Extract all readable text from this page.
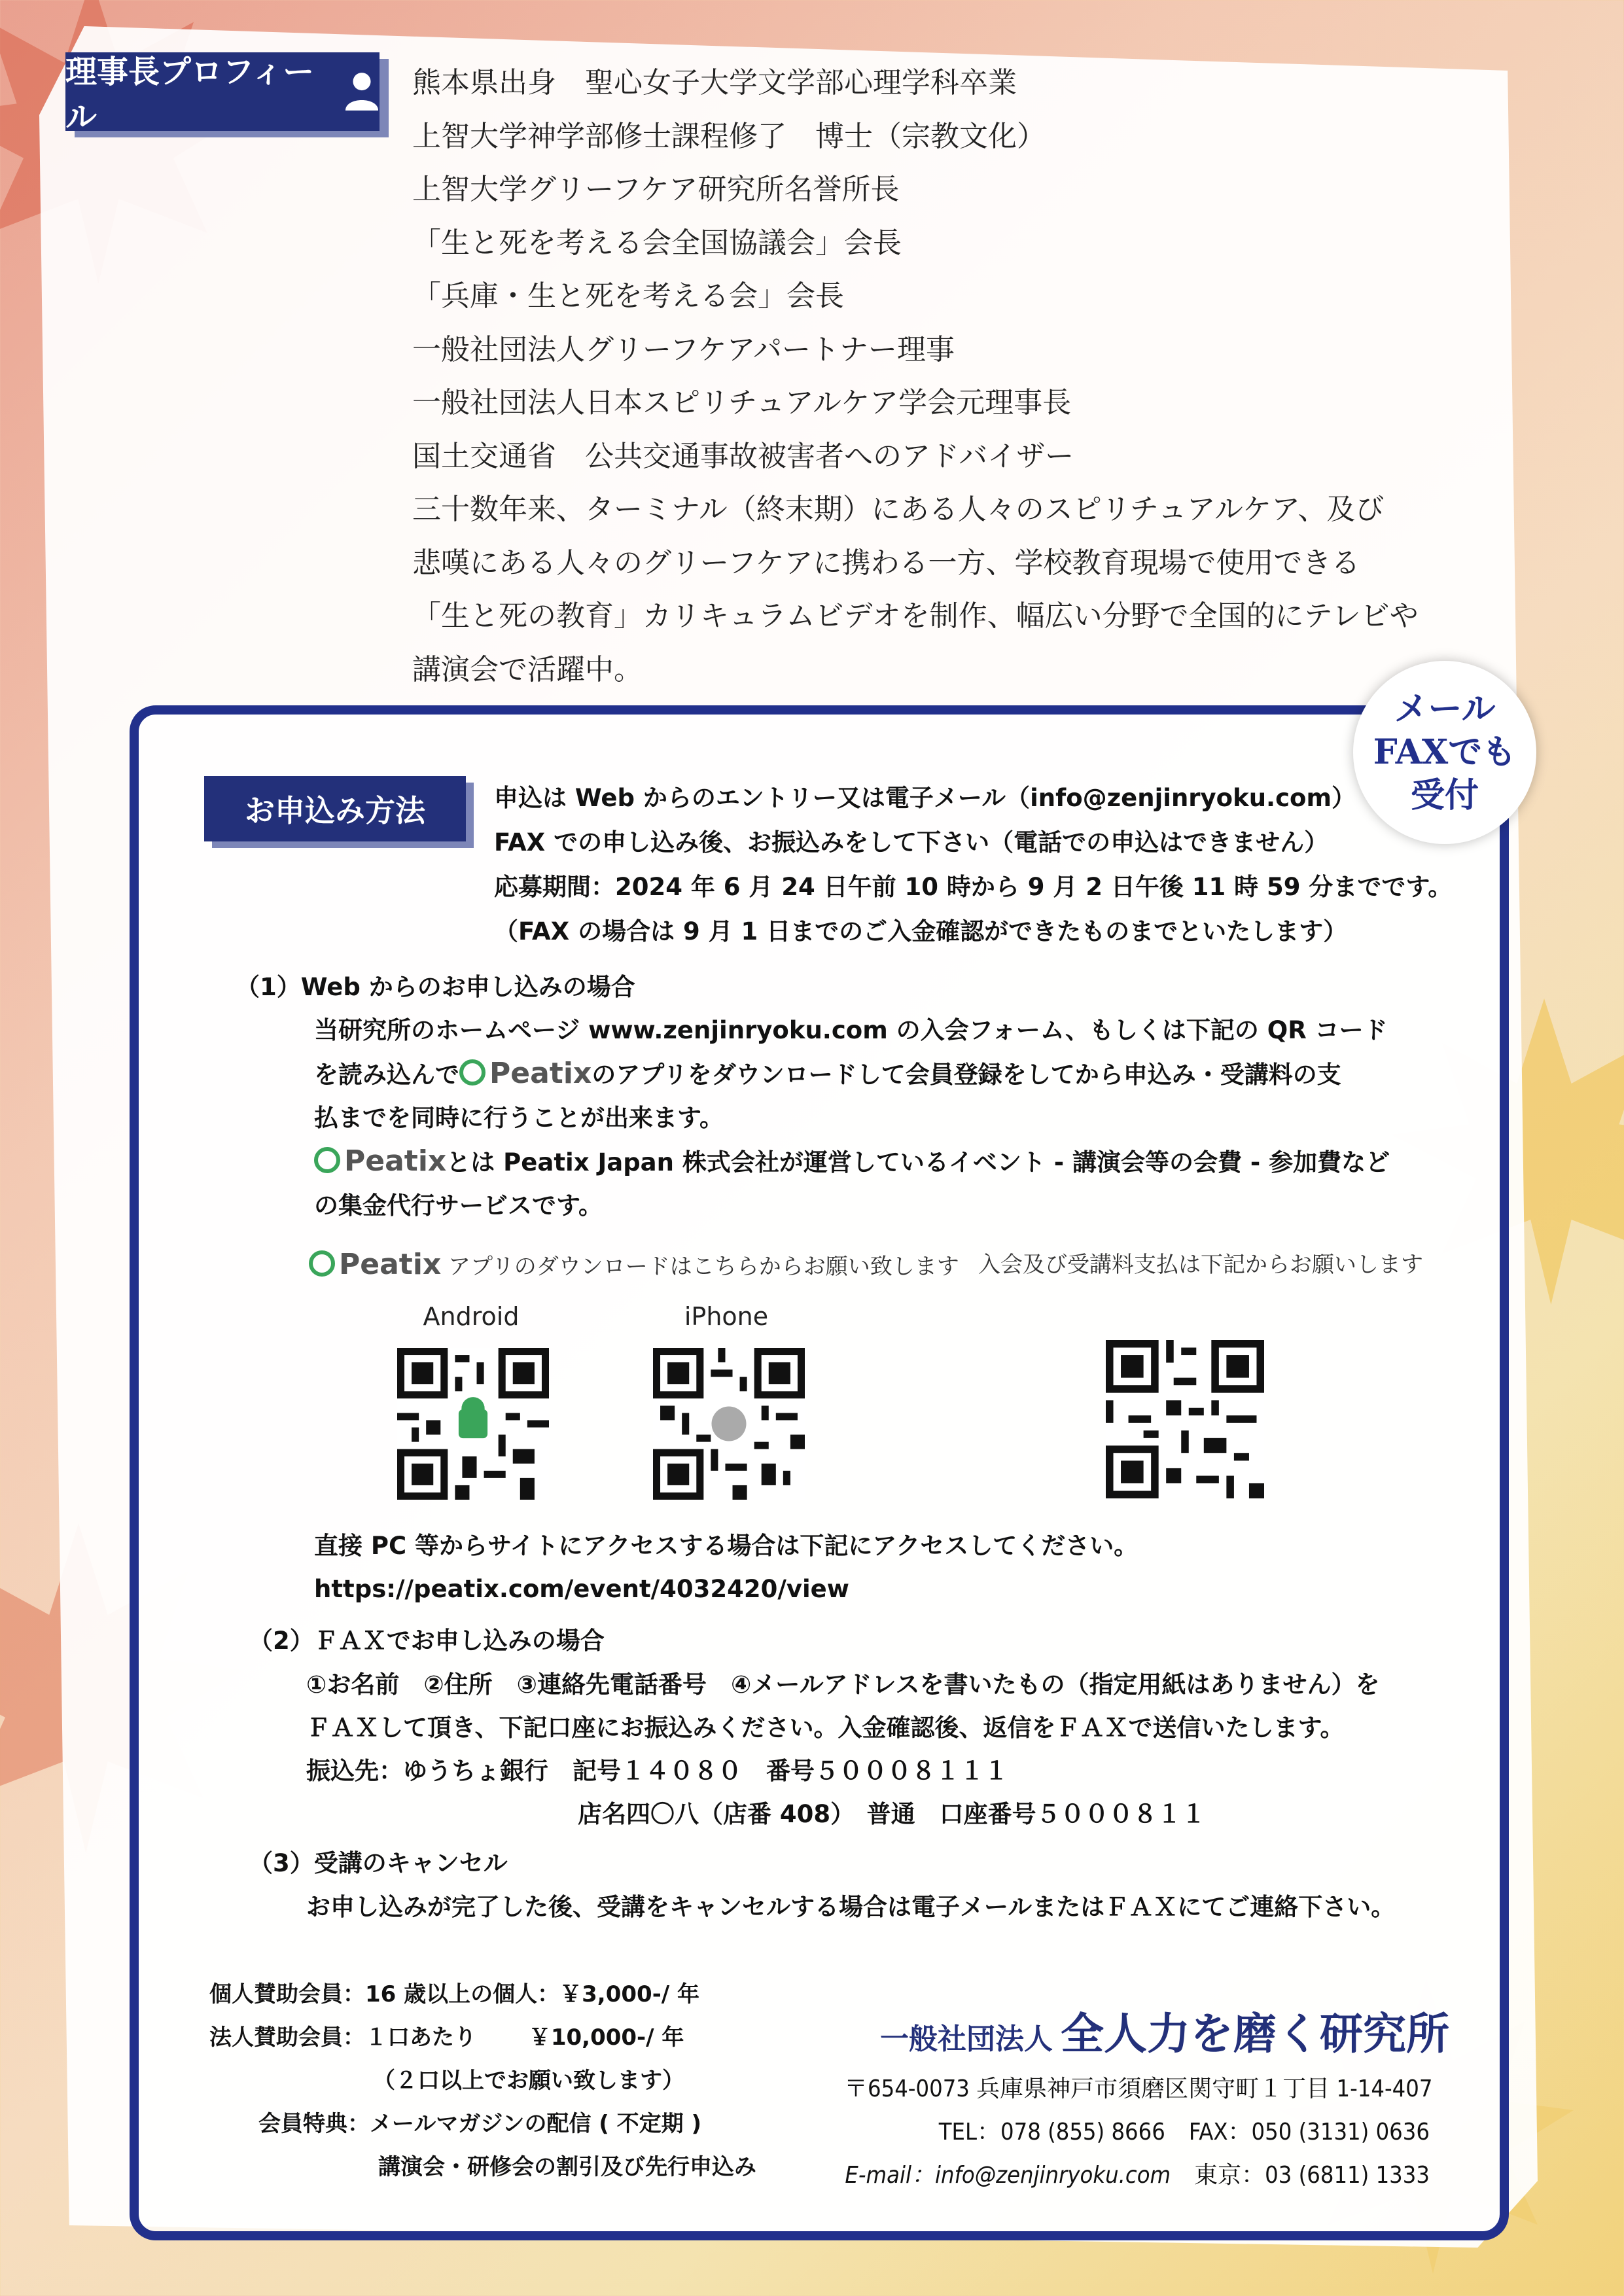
理事長プロフィール
熊本県出身　聖心女子大学文学部心理学科卒業
上智大学神学部修士課程修了　博士（宗教文化）
上智大学グリーフケア研究所名誉所長
「生と死を考える会全国協議会」会長
「兵庫・生と死を考える会」会長
一般社団法人グリーフケアパートナー理事
一般社団法人日本スピリチュアルケア学会元理事長
国土交通省　公共交通事故被害者へのアドバイザー
三十数年来、ターミナル（終末期）にある人々のスピリチュアルケア、及び
悲嘆にある人々のグリーフケアに携わる一方、学校教育現場で使用できる
「生と死の教育」カリキュラムビデオを制作、幅広い分野で全国的にテレビや
講演会で活躍中。
メール
FAXでも
受付
お申込み方法	申込は Web からのエントリー又は電子メール（info@zenjinryoku.com）
FAX での申し込み後、お振込みをして下さい（電話での申込はできません）
応募期間：2024 年 6 月 24 日午前 10 時から 9 月 2 日午後 11 時 59 分までです。
（FAX の場合は 9 月 1 日までのご入金確認ができたものまでといたします）
（1）Web からのお申し込みの場合
当研究所のホームページ www.zenjinryoku.com の入会フォーム、もしくは下記の QR コード
を読み込んで Peatixのアプリをダウンロードして会員登録をしてから申込み・受講料の支
払までを同時に行うことが出来ます。
Peatixとは Peatix Japan 株式会社が運営しているイベント - 講演会等の会費 - 参加費など
の集金代行サービスです。
Peatix アプリのダウンロードはこちらからお願い致します 入会及び受講料支払は下記からお願いします
Android	iPhone
直接 PC 等からサイトにアクセスする場合は下記にアクセスしてください。
https://peatix.com/event/4032420/view
（2）ＦＡＸでお申し込みの場合
①お名前　②住所　③連絡先電話番号　④メールアドレスを書いたもの（指定用紙はありません）を
ＦＡＸして頂き、下記口座にお振込みください。入金確認後、返信をＦＡＸで送信いたします。
振込先：ゆうちょ銀行　記号１４０８０　番号５０００８１１１
店名四〇八（店番 408）　普通　口座番号５０００８１１
（3）受講のキャンセル
お申し込みが完了した後、受講をキャンセルする場合は電子メールまたはＦＡＸにてご連絡下さい。
個人賛助会員：16 歳以上の個人：￥3,000-/ 年
法人賛助会員：１口あたり　　 ￥10,000-/ 年
（２口以上でお願い致します）
会員特典：メールマガジンの配信 ( 不定期 )
講演会・研修会の割引及び先行申込み
一般社団法人 全人力を磨く研究所
〒654-0073 兵庫県神戸市須磨区関守町１丁目 1-14-407
TEL：078 (855) 8666　FAX：050 (3131) 0636
E-mail：info@zenjinryoku.com　 東京：03 (6811) 1333
